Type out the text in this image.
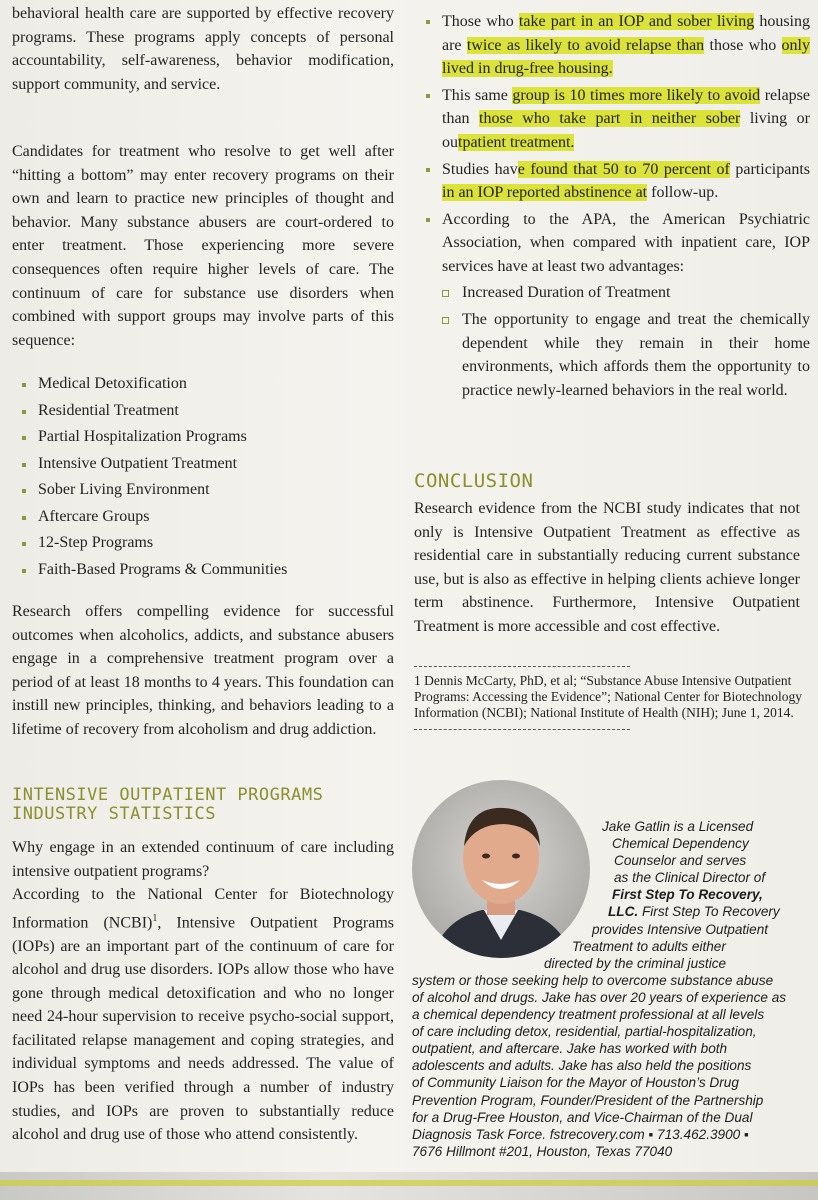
behavioral health care are supported by effective recovery programs. These programs apply concepts of personal accountability, self-awareness, behavior modification, support community, and service.

Candidates for treatment who resolve to get well after “hitting a bottom” may enter recovery programs on their own and learn to practice new principles of thought and behavior. Many substance abusers are court-ordered to enter treatment. Those experiencing more severe consequences often require higher levels of care. The continuum of care for substance use disorders when combined with support groups may involve parts of this sequence:

Medical Detoxification
Residential Treatment
Partial Hospitalization Programs
Intensive Outpatient Treatment
Sober Living Environment
Aftercare Groups
12-Step Programs
Faith-Based Programs & Communities

Research offers compelling evidence for successful outcomes when alcoholics, addicts, and substance abusers engage in a comprehensive treatment program over a period of at least 18 months to 4 years. This foundation can instill new principles, thinking, and behaviors leading to a lifetime of recovery from alcoholism and drug addiction.

INTENSIVE OUTPATIENT PROGRAMS

INDUSTRY STATISTICS

Why engage in an extended continuum of care including intensive outpatient programs?

According to the National Center for Biotechnology Information (NCBI)$^1$, Intensive Outpatient Programs (IOPs) are an important part of the continuum of care for alcohol and drug use disorders. IOPs allow those who have gone through medical detoxification and who no longer need 24-hour supervision to receive psycho-social support, facilitated relapse management and coping strategies, and individual symptoms and needs addressed. The value of IOPs has been verified through a number of industry studies, and IOPs are proven to substantially reduce alcohol and drug use of those who attend consistently.

Those who take part in an IOP and sober living housing are twice as likely to avoid relapse than those who only lived in drug-free housing.
This same group is 10 times more likely to avoid relapse than those who take part in neither sober living or outpatient treatment.
Studies have found that 50 to 70 percent of participants in an IOP reported abstinence at follow-up.
According to the APA, the American Psychiatric Association, when compared with inpatient care, IOP services have at least two advantages:
Increased Duration of Treatment
The opportunity to engage and treat the chemically dependent while they remain in their home environments, which affords them the opportunity to practice newly-learned behaviors in the real world.

CONCLUSION

Research evidence from the NCBI study indicates that not only is Intensive Outpatient Treatment as effective as residential care in substantially reducing current substance use, but is also as effective in helping clients achieve longer term abstinence. Furthermore, Intensive Outpatient Treatment is more accessible and cost effective.

1 Dennis McCarty, PhD, et al; “Substance Abuse Intensive Outpatient Programs: Accessing the Evidence”; National Center for Biotechnology Information (NCBI); National Institute of Health (NIH); June 1, 2014.

Jake Gatlin is a Licensed
Chemical Dependency
Counselor and serves
as the Clinical Director of
First Step To Recovery,
LLC. First Step To Recovery
provides Intensive Outpatient
Treatment to adults either
directed by the criminal justice
system or those seeking help to overcome substance abuse
of alcohol and drugs. Jake has over 20 years of experience as
a chemical dependency treatment professional at all levels
of care including detox, residential, partial-hospitalization,
outpatient, and aftercare. Jake has worked with both
adolescents and adults. Jake has also held the positions
of Community Liaison for the Mayor of Houston’s Drug
Prevention Program, Founder/President of the Partnership
for a Drug-Free Houston, and Vice-Chairman of the Dual
Diagnosis Task Force. fstrecovery.com ▪ 713.462.3900 ▪
7676 Hillmont #201, Houston, Texas 77040
